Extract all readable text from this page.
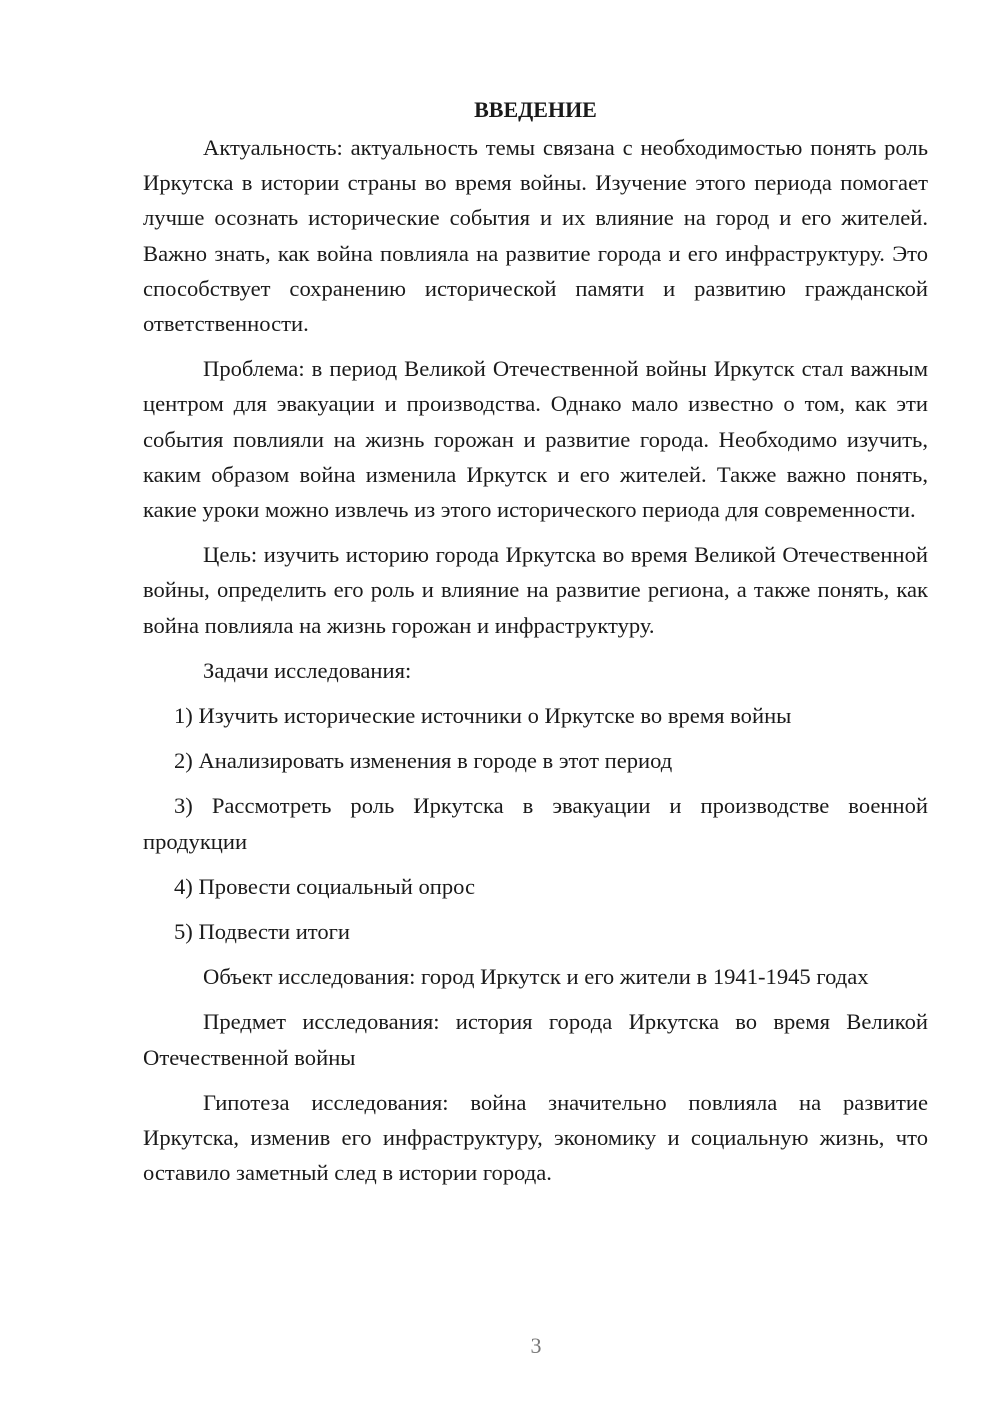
ВВЕДЕНИЕ

Актуальность: актуальность темы связана с необходимостью понять роль Иркутска в истории страны во время войны. Изучение этого периода помогает лучше осознать исторические события и их влияние на город и его жителей. Важно знать, как война повлияла на развитие города и его инфраструктуру. Это способствует сохранению исторической памяти и развитию гражданской ответственности.

Проблема: в период Великой Отечественной войны Иркутск стал важным центром для эвакуации и производства. Однако мало известно о том, как эти события повлияли на жизнь горожан и развитие города. Необходимо изучить, каким образом война изменила Иркутск и его жителей. Также важно понять, какие уроки можно извлечь из этого исторического периода для современности.

Цель: изучить историю города Иркутска во время Великой Отечественной войны, определить его роль и влияние на развитие региона, а также понять, как война повлияла на жизнь горожан и инфраструктуру.

Задачи исследования:

1) Изучить исторические источники о Иркутске во время войны

2) Анализировать изменения в городе в этот период

3) Рассмотреть роль Иркутска в эвакуации и производстве военной продукции

4) Провести социальный опрос

5) Подвести итоги

Объект исследования: город Иркутск и его жители в 1941-1945 годах

Предмет исследования: история города Иркутска во время Великой Отечественной войны

Гипотеза исследования: война значительно повлияла на развитие Иркутска, изменив его инфраструктуру, экономику и социальную жизнь, что оставило заметный след в истории города.

3
